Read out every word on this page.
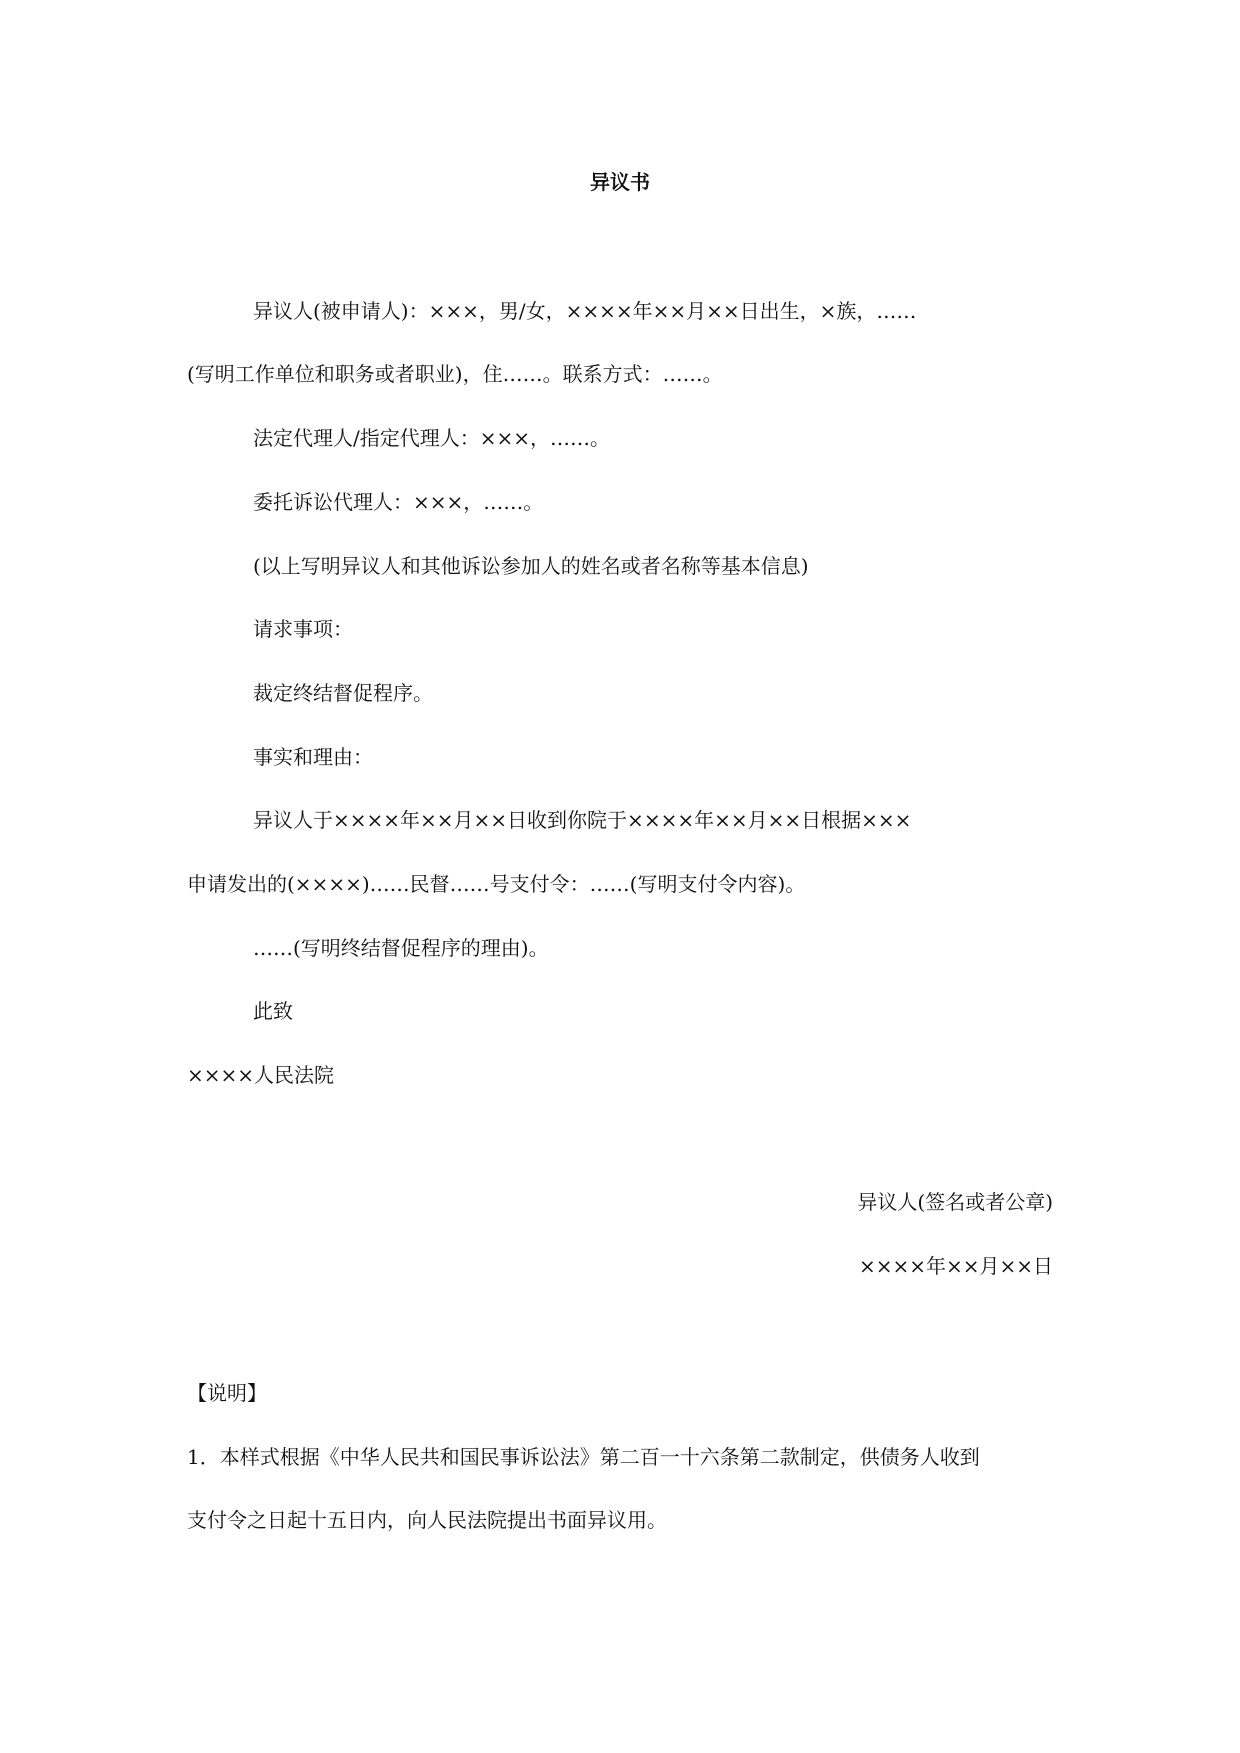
异议书

异议人(被申请人)：×××，男/女，××××年××月××日出生，×族，……

(写明工作单位和职务或者职业)，住……。联系方式：……。

法定代理人/指定代理人：×××，……。

委托诉讼代理人：×××，……。

(以上写明异议人和其他诉讼参加人的姓名或者名称等基本信息)

请求事项：

裁定终结督促程序。

事实和理由：

异议人于××××年××月××日收到你院于××××年××月××日根据×××

申请发出的(××××)……民督……号支付令：……(写明支付令内容)。

……(写明终结督促程序的理由)。

此致

××××人民法院

异议人(签名或者公章)

××××年××月××日

【说明】

1．本样式根据《中华人民共和国民事诉讼法》第二百一十六条第二款制定，供债务人收到

支付令之日起十五日内，向人民法院提出书面异议用。
